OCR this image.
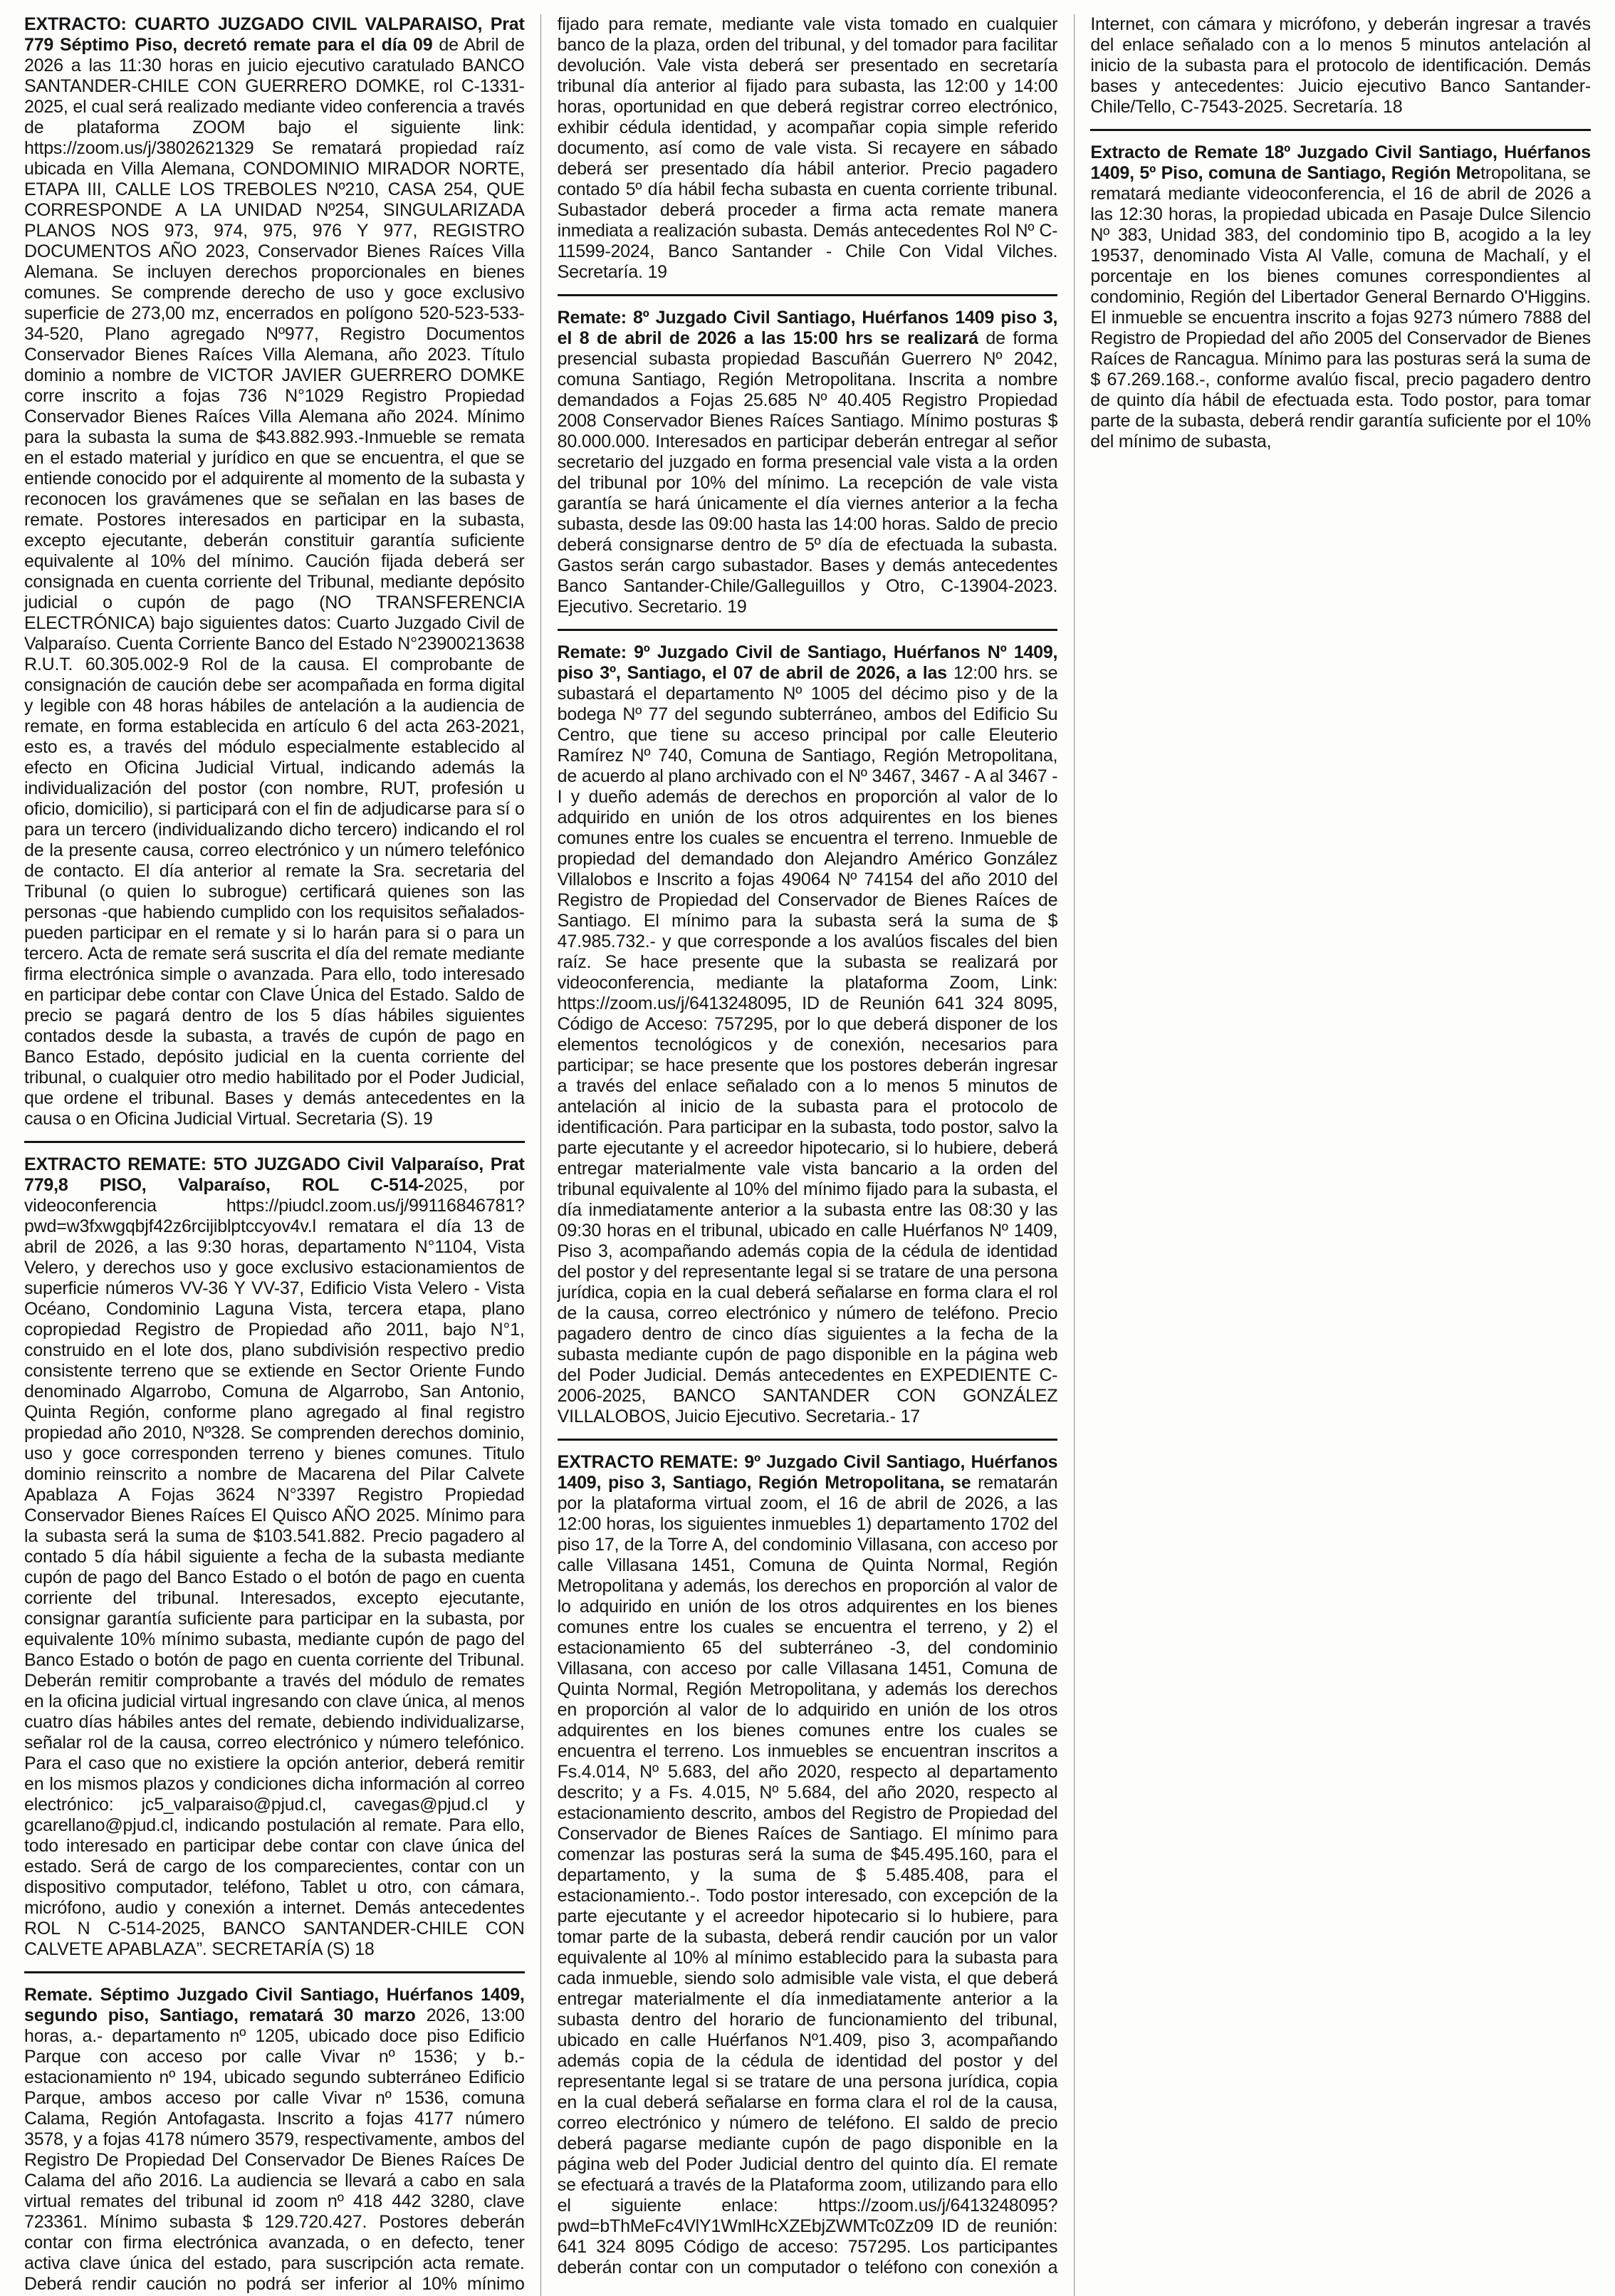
EXTRACTO: CUARTO JUZGADO CIVIL VALPARAISO, Prat 779 Séptimo Piso, decretó remate para el día 09 de Abril de 2026 a las 11:30 horas en juicio ejecutivo caratulado BANCO SANTANDER-CHILE CON GUERRERO DOMKE, rol C-1331-2025, el cual será realizado mediante video conferencia a través de plataforma ZOOM bajo el siguiente link: https://zoom.us/j/3802621329 Se rematará propiedad raíz ubicada en Villa Alemana, CONDOMINIO MIRADOR NORTE, ETAPA III, CALLE LOS TREBOLES Nº210, CASA 254, QUE CORRESPONDE A LA UNIDAD Nº254, SINGULARIZADA PLANOS NOS 973, 974, 975, 976 Y 977, REGISTRO DOCUMENTOS AÑO 2023, Conservador Bienes Raíces Villa Alemana. Se incluyen derechos proporcionales en bienes comunes. Se comprende derecho de uso y goce exclusivo superficie de 273,00 mz, encerrados en polígono 520-523-533-34-520, Plano agregado Nº977, Registro Documentos Conservador Bienes Raíces Villa Alemana, año 2023. Título dominio a nombre de VICTOR JAVIER GUERRERO DOMKE corre inscrito a fojas 736 N°1029 Registro Propiedad Conservador Bienes Raíces Villa Alemana año 2024. Mínimo para la subasta la suma de $43.882.993.-Inmueble se remata en el estado material y jurídico en que se encuentra, el que se entiende conocido por el adquirente al momento de la subasta y reconocen los gravámenes que se señalan en las bases de remate. Postores interesados en participar en la subasta, excepto ejecutante, deberán constituir garantía suficiente equivalente al 10% del mínimo. Caución fijada deberá ser consignada en cuenta corriente del Tribunal, mediante depósito judicial o cupón de pago (NO TRANSFERENCIA ELECTRÓNICA) bajo siguientes datos: Cuarto Juzgado Civil de Valparaíso. Cuenta Corriente Banco del Estado N°23900213638 R.U.T. 60.305.002-9 Rol de la causa. El comprobante de consignación de caución debe ser acompañada en forma digital y legible con 48 horas hábiles de antelación a la audiencia de remate, en forma establecida en artículo 6 del acta 263-2021, esto es, a través del módulo especialmente establecido al efecto en Oficina Judicial Virtual, indicando además la individualización del postor (con nombre, RUT, profesión u oficio, domicilio), si participará con el fin de adjudicarse para sí o para un tercero (individualizando dicho tercero) indicando el rol de la presente causa, correo electrónico y un número telefónico de contacto. El día anterior al remate la Sra. secretaria del Tribunal (o quien lo subrogue) certificará quienes son las personas -que habiendo cumplido con los requisitos señalados- pueden participar en el remate y si lo harán para si o para un tercero. Acta de remate será suscrita el día del remate mediante firma electrónica simple o avanzada. Para ello, todo interesado en participar debe contar con Clave Única del Estado. Saldo de precio se pagará dentro de los 5 días hábiles siguientes contados desde la subasta, a través de cupón de pago en Banco Estado, depósito judicial en la cuenta corriente del tribunal, o cualquier otro medio habilitado por el Poder Judicial, que ordene el tribunal. Bases y demás antecedentes en la causa o en Oficina Judicial Virtual. Secretaria (S). 19

EXTRACTO REMATE: 5TO JUZGADO Civil Valparaíso, Prat 779,8 PISO, Valparaíso, ROL C-514-2025, por videoconferencia https://piudcl.zoom.us/j/99116846781?pwd=w3fxwgqbjf42z6rcijiblptccyov4v.l rematara el día 13 de abril de 2026, a las 9:30 horas, departamento N°1104, Vista Velero, y derechos uso y goce exclusivo estacionamientos de superficie números VV-36 Y VV-37, Edificio Vista Velero - Vista Océano, Condominio Laguna Vista, tercera etapa, plano copropiedad Registro de Propiedad año 2011, bajo N°1, construido en el lote dos, plano subdivisión respectivo predio consistente terreno que se extiende en Sector Oriente Fundo denominado Algarrobo, Comuna de Algarrobo, San Antonio, Quinta Región, conforme plano agregado al final registro propiedad año 2010, Nº328. Se comprenden derechos dominio, uso y goce corresponden terreno y bienes comunes. Titulo dominio reinscrito a nombre de Macarena del Pilar Calvete Apablaza A Fojas 3624 N°3397 Registro Propiedad Conservador Bienes Raíces El Quisco AÑO 2025. Mínimo para la subasta será la suma de $103.541.882. Precio pagadero al contado 5 día hábil siguiente a fecha de la subasta mediante cupón de pago del Banco Estado o el botón de pago en cuenta corriente del tribunal. Interesados, excepto ejecutante, consignar garantía suficiente para participar en la subasta, por equivalente 10% mínimo subasta, mediante cupón de pago del Banco Estado o botón de pago en cuenta corriente del Tribunal. Deberán remitir comprobante a través del módulo de remates en la oficina judicial virtual ingresando con clave única, al menos cuatro días hábiles antes del remate, debiendo individualizarse, señalar rol de la causa, correo electrónico y número telefónico. Para el caso que no existiere la opción anterior, deberá remitir en los mismos plazos y condiciones dicha información al correo electrónico: jc5_valparaiso@pjud.cl, cavegas@pjud.cl y gcarellano@pjud.cl, indicando postulación al remate. Para ello, todo interesado en participar debe contar con clave única del estado. Será de cargo de los comparecientes, contar con un dispositivo computador, teléfono, Tablet u otro, con cámara, micrófono, audio y conexión a internet. Demás antecedentes ROL N C-514-2025, BANCO SANTANDER-CHILE CON CALVETE APABLAZA”. SECRETARÍA (S) 18

Remate. Séptimo Juzgado Civil Santiago, Huérfanos 1409, segundo piso, Santiago, rematará 30 marzo 2026, 13:00 horas, a.- departamento nº 1205, ubicado doce piso Edificio Parque con acceso por calle Vivar nº 1536; y b.- estacionamiento nº 194, ubicado segundo subterráneo Edificio Parque, ambos acceso por calle Vivar nº 1536, comuna Calama, Región Antofagasta. Inscrito a fojas 4177 número 3578, y a fojas 4178 número 3579, respectivamente, ambos del Registro De Propiedad Del Conservador De Bienes Raíces De Calama del año 2016. La audiencia se llevará a cabo en sala virtual remates del tribunal id zoom nº 418 442 3280, clave 723361. Mínimo subasta $ 129.720.427. Postores deberán contar con firma electrónica avanzada, o en defecto, tener activa clave única del estado, para suscripción acta remate. Deberá rendir caución no podrá ser inferior al 10% mínimo fijado para remate, mediante vale vista tomado en cualquier banco de la plaza, orden del tribunal, y del tomador para facilitar devolución. Vale vista deberá ser presentado en secretaría tribunal día anterior al fijado para subasta, las 12:00 y 14:00 horas, oportunidad en que deberá registrar correo electrónico, exhibir cédula identidad, y acompañar copia simple referido documento, así como de vale vista. Si recayere en sábado deberá ser presentado día hábil anterior. Precio pagadero contado 5º día hábil fecha subasta en cuenta corriente tribunal. Subastador deberá proceder a firma acta remate manera inmediata a realización subasta. Demás antecedentes Rol Nº C-11599-2024, Banco Santander - Chile Con Vidal Vilches. Secretaría. 19

Remate: 8º Juzgado Civil Santiago, Huérfanos 1409 piso 3, el 8 de abril de 2026 a las 15:00 hrs se realizará de forma presencial subasta propiedad Bascuñán Guerrero Nº 2042, comuna Santiago, Región Metropolitana. Inscrita a nombre demandados a Fojas 25.685 Nº 40.405 Registro Propiedad 2008 Conservador Bienes Raíces Santiago. Mínimo posturas $ 80.000.000. Interesados en participar deberán entregar al señor secretario del juzgado en forma presencial vale vista a la orden del tribunal por 10% del mínimo. La recepción de vale vista garantía se hará únicamente el día viernes anterior a la fecha subasta, desde las 09:00 hasta las 14:00 horas. Saldo de precio deberá consignarse dentro de 5º día de efectuada la subasta. Gastos serán cargo subastador. Bases y demás antecedentes Banco Santander-Chile/Galleguillos y Otro, C-13904-2023. Ejecutivo. Secretario. 19

Remate: 9º Juzgado Civil de Santiago, Huérfanos Nº 1409, piso 3º, Santiago, el 07 de abril de 2026, a las 12:00 hrs. se subastará el departamento Nº 1005 del décimo piso y de la bodega Nº 77 del segundo subterráneo, ambos del Edificio Su Centro, que tiene su acceso principal por calle Eleuterio Ramírez Nº 740, Comuna de Santiago, Región Metropolitana, de acuerdo al plano archivado con el Nº 3467, 3467 - A al 3467 - I y dueño además de derechos en proporción al valor de lo adquirido en unión de los otros adquirentes en los bienes comunes entre los cuales se encuentra el terreno. Inmueble de propiedad del demandado don Alejandro Américo González Villalobos e Inscrito a fojas 49064 Nº 74154 del año 2010 del Registro de Propiedad del Conservador de Bienes Raíces de Santiago. El mínimo para la subasta será la suma de $ 47.985.732.- y que corresponde a los avalúos fiscales del bien raíz. Se hace presente que la subasta se realizará por videoconferencia, mediante la plataforma Zoom, Link: https://zoom.us/j/6413248095, ID de Reunión 641 324 8095, Código de Acceso: 757295, por lo que deberá disponer de los elementos tecnológicos y de conexión, necesarios para participar; se hace presente que los postores deberán ingresar a través del enlace señalado con a lo menos 5 minutos de antelación al inicio de la subasta para el protocolo de identificación. Para participar en la subasta, todo postor, salvo la parte ejecutante y el acreedor hipotecario, si lo hubiere, deberá entregar materialmente vale vista bancario a la orden del tribunal equivalente al 10% del mínimo fijado para la subasta, el día inmediatamente anterior a la subasta entre las 08:30 y las 09:30 horas en el tribunal, ubicado en calle Huérfanos Nº 1409, Piso 3, acompañando además copia de la cédula de identidad del postor y del representante legal si se tratare de una persona jurídica, copia en la cual deberá señalarse en forma clara el rol de la causa, correo electrónico y número de teléfono. Precio pagadero dentro de cinco días siguientes a la fecha de la subasta mediante cupón de pago disponible en la página web del Poder Judicial. Demás antecedentes en EXPEDIENTE C-2006-2025, BANCO SANTANDER CON GONZÁLEZ VILLALOBOS, Juicio Ejecutivo. Secretaria.- 17

EXTRACTO REMATE: 9º Juzgado Civil Santiago, Huérfanos 1409, piso 3, Santiago, Región Metropolitana, se rematarán por la plataforma virtual zoom, el 16 de abril de 2026, a las 12:00 horas, los siguientes inmuebles 1) departamento 1702 del piso 17, de la Torre A, del condominio Villasana, con acceso por calle Villasana 1451, Comuna de Quinta Normal, Región Metropolitana y además, los derechos en proporción al valor de lo adquirido en unión de los otros adquirentes en los bienes comunes entre los cuales se encuentra el terreno, y 2) el estacionamiento 65 del subterráneo -3, del condominio Villasana, con acceso por calle Villasana 1451, Comuna de Quinta Normal, Región Metropolitana, y además los derechos en proporción al valor de lo adquirido en unión de los otros adquirentes en los bienes comunes entre los cuales se encuentra el terreno. Los inmuebles se encuentran inscritos a Fs.4.014, Nº 5.683, del año 2020, respecto al departamento descrito; y a Fs. 4.015, Nº 5.684, del año 2020, respecto al estacionamiento descrito, ambos del Registro de Propiedad del Conservador de Bienes Raíces de Santiago. El mínimo para comenzar las posturas será la suma de $45.495.160, para el departamento, y la suma de $ 5.485.408, para el estacionamiento.-. Todo postor interesado, con excepción de la parte ejecutante y el acreedor hipotecario si lo hubiere, para tomar parte de la subasta, deberá rendir caución por un valor equivalente al 10% al mínimo establecido para la subasta para cada inmueble, siendo solo admisible vale vista, el que deberá entregar materialmente el día inmediatamente anterior a la subasta dentro del horario de funcionamiento del tribunal, ubicado en calle Huérfanos Nº1.409, piso 3, acompañando además copia de la cédula de identidad del postor y del representante legal si se tratare de una persona jurídica, copia en la cual deberá señalarse en forma clara el rol de la causa, correo electrónico y número de teléfono. El saldo de precio deberá pagarse mediante cupón de pago disponible en la página web del Poder Judicial dentro del quinto día. El remate se efectuará a través de la Plataforma zoom, utilizando para ello el siguiente enlace: https://zoom.us/j/6413248095? pwd=bThMeFc4VlY1WmlHcXZEbjZWMTc0Zz09 ID de reunión: 641 324 8095 Código de acceso: 757295. Los participantes deberán contar con un computador o teléfono con conexión a Internet, con cámara y micrófono, y deberán ingresar a través del enlace señalado con a lo menos 5 minutos antelación al inicio de la subasta para el protocolo de identificación. Demás bases y antecedentes: Juicio ejecutivo Banco Santander- Chile/Tello, C-7543-2025. Secretaría. 18

Extracto de Remate 18º Juzgado Civil Santiago, Huérfanos 1409, 5º Piso, comuna de Santiago, Región Metropolitana, se rematará mediante videoconferencia, el 16 de abril de 2026 a las 12:30 horas, la propiedad ubicada en Pasaje Dulce Silencio Nº 383, Unidad 383, del condominio tipo B, acogido a la ley 19537, denominado Vista Al Valle, comuna de Machalí, y el porcentaje en los bienes comunes correspondientes al condominio, Región del Libertador General Bernardo O'Higgins. El inmueble se encuentra inscrito a fojas 9273 número 7888 del Registro de Propiedad del año 2005 del Conservador de Bienes Raíces de Rancagua. Mínimo para las posturas será la suma de $ 67.269.168.-, conforme avalúo fiscal, precio pagadero dentro de quinto día hábil de efectuada esta. Todo postor, para tomar parte de la subasta, deberá rendir garantía suficiente por el 10% del mínimo de subasta,
